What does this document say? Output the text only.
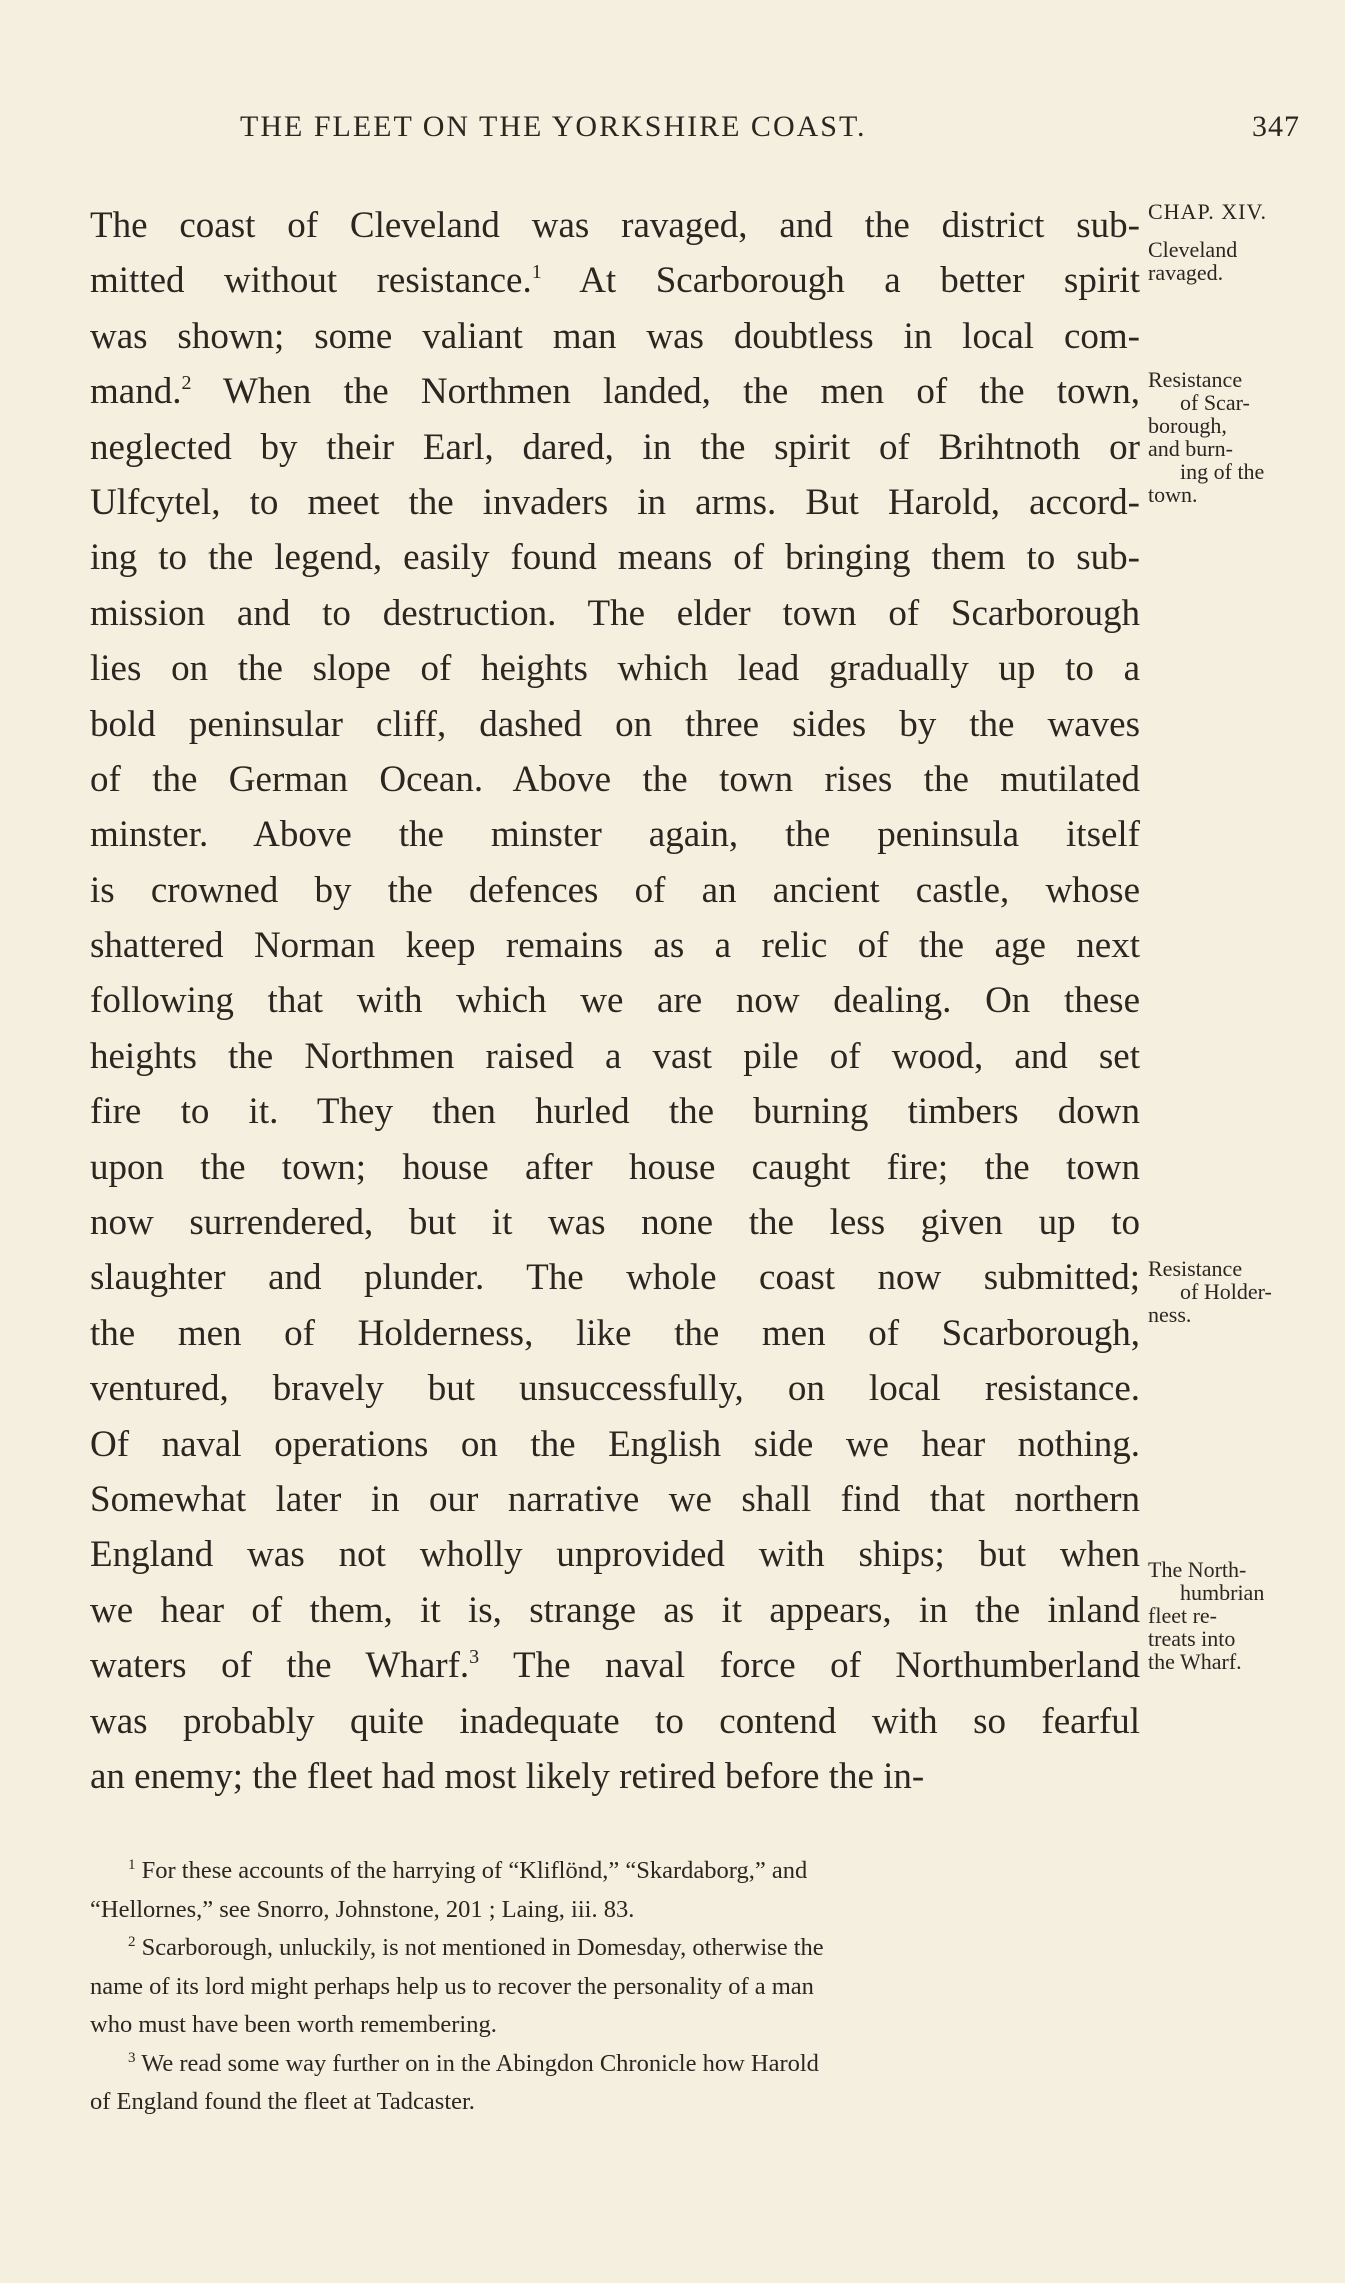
THE FLEET ON THE YORKSHIRE COAST.	347
The coast of Cleveland was ravaged, and the district sub-
mitted without resistance.$^1$ At Scarborough a better spirit
was shown; some valiant man was doubtless in local com-
mand.$^2$ When the Northmen landed, the men of the town,
neglected by their Earl, dared, in the spirit of Brihtnoth or
Ulfcytel, to meet the invaders in arms. But Harold, accord-
ing to the legend, easily found means of bringing them to sub-
mission and to destruction. The elder town of Scarborough
lies on the slope of heights which lead gradually up to a
bold peninsular cliff, dashed on three sides by the waves
of the German Ocean. Above the town rises the mutilated
minster. Above the minster again, the peninsula itself
is crowned by the defences of an ancient castle, whose
shattered Norman keep remains as a relic of the age next
following that with which we are now dealing. On these
heights the Northmen raised a vast pile of wood, and set
fire to it. They then hurled the burning timbers down
upon the town; house after house caught fire; the town
now surrendered, but it was none the less given up to
slaughter and plunder. The whole coast now submitted;
the men of Holderness, like the men of Scarborough,
ventured, bravely but unsuccessfully, on local resistance.
Of naval operations on the English side we hear nothing.
Somewhat later in our narrative we shall find that northern
England was not wholly unprovided with ships; but when
we hear of them, it is, strange as it appears, in the inland
waters of the Wharf.$^3$ The naval force of Northumberland
was probably quite inadequate to contend with so fearful
an enemy; the fleet had most likely retired before the in-
CHAP. XIV.
Cleveland
ravaged.
Resistance
of Scar-
borough,
and burn-
ing of the
town.
Resistance
of Holder-
ness.
The North-
humbrian
fleet re-
treats into
the Wharf.
$^1$ For these accounts of the harrying of “Kliflönd,” “Skardaborg,” and
“Hellornes,” see Snorro, Johnstone, 201 ; Laing, iii. 83.
$^2$ Scarborough, unluckily, is not mentioned in Domesday, otherwise the
name of its lord might perhaps help us to recover the personality of a man
who must have been worth remembering.
$^3$ We read some way further on in the Abingdon Chronicle how Harold
of England found the fleet at Tadcaster.
